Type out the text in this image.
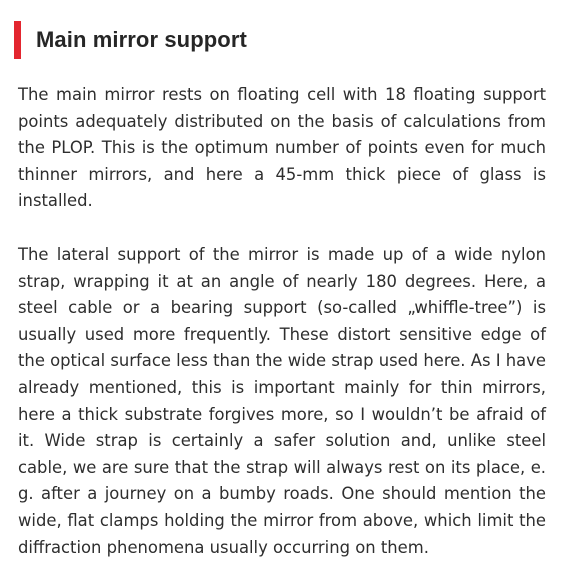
Main mirror support

The main mirror rests on floating cell with 18 floating support points adequately distributed on the basis of calculations from the PLOP. This is the optimum number of points even for much thinner mirrors, and here a 45-mm thick piece of glass is installed.

The lateral support of the mirror is made up of a wide nylon strap, wrapping it at an angle of nearly 180 degrees. Here, a steel cable or a bearing support (so-called „whiffle-tree”) is usually used more frequently. These distort sensitive edge of the optical surface less than the wide strap used here. As I have already mentioned, this is important mainly for thin mirrors, here a thick substrate forgives more, so I wouldn’t be afraid of it. Wide strap is certainly a safer solution and, unlike steel cable, we are sure that the strap will always rest on its place, e. g. after a journey on a bumby roads. One should mention the wide, flat clamps holding the mirror from above, which limit the diffraction phenomena usually occurring on them.
